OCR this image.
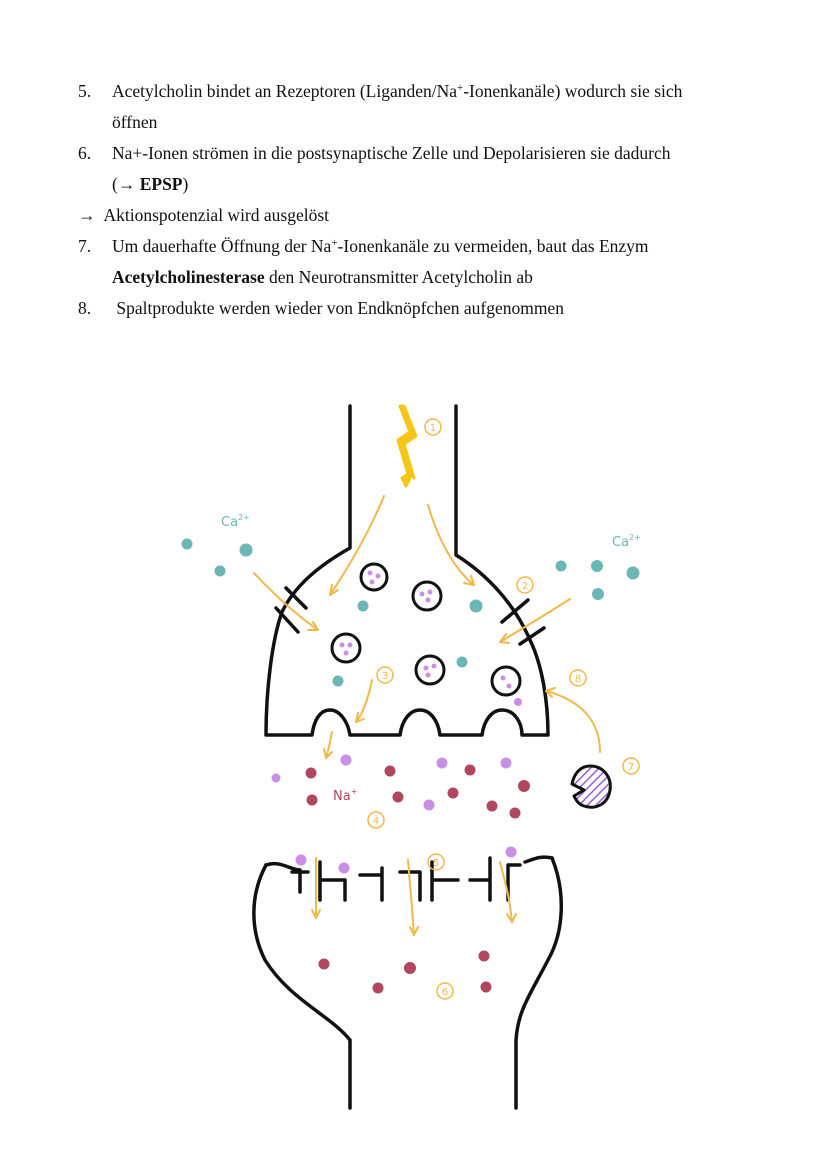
5. Acetylcholin bindet an Rezeptoren (Liganden/Na+-Ionenkanäle) wodurch sie sich
öffnen
6. Na+-Ionen strömen in die postsynaptische Zelle und Depolarisieren sie dadurch
(→ EPSP)
→ Aktionspotenzial wird ausgelöst
7. Um dauerhafte Öffnung der Na+-Ionenkanäle zu vermeiden, baut das Enzym
Acetylcholinesterase den Neurotransmitter Acetylcholin ab
8. Spaltprodukte werden wieder von Endknöpfchen aufgenommen
$Ca^{2+}$
$Ca^{2+}$
Na+
1
2
3
4
5
6
7
8
